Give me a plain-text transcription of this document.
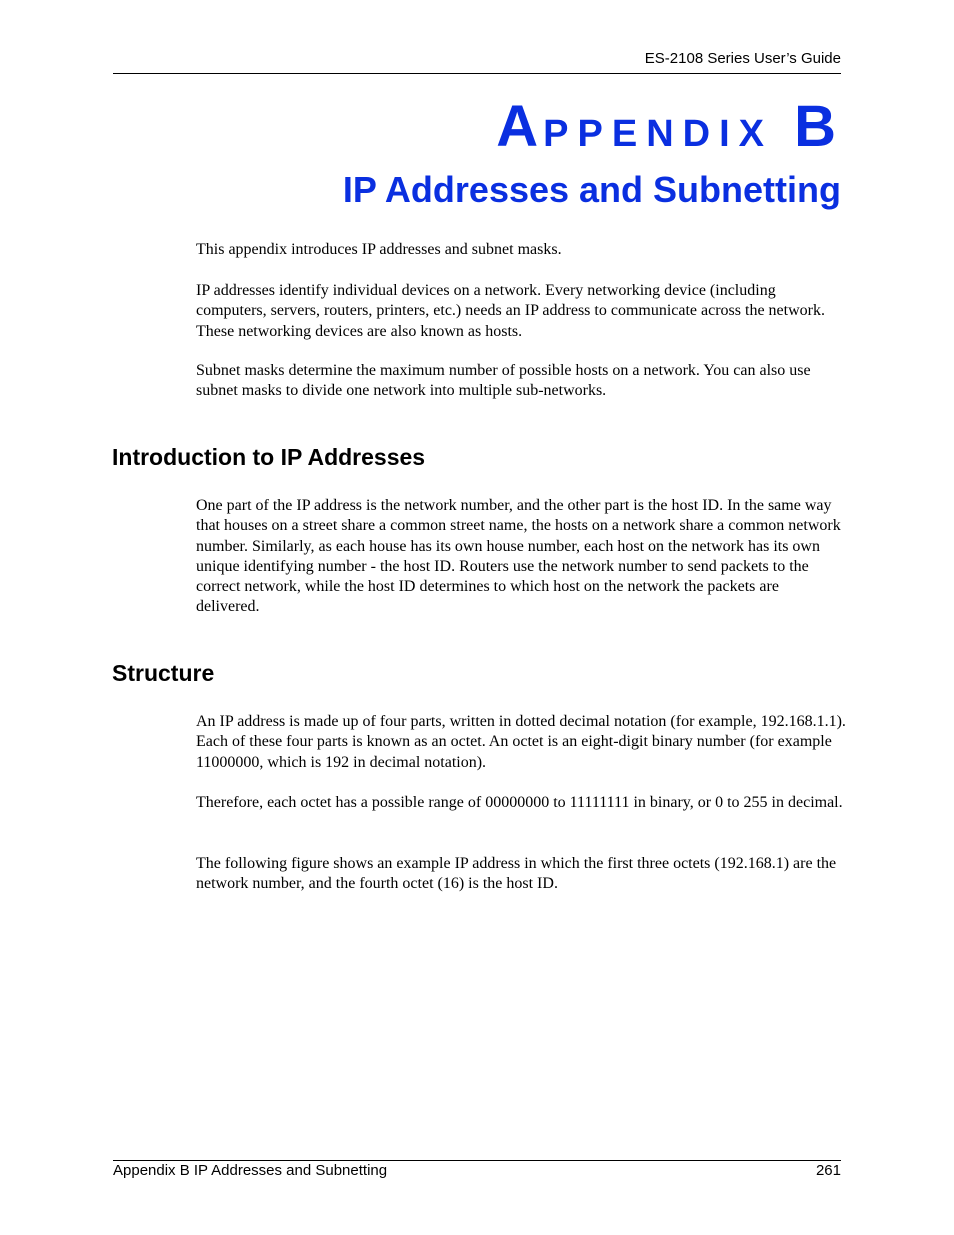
ES-2108 Series User’s Guide
APPENDIX B
IP Addresses and Subnetting

This appendix introduces IP addresses and subnet masks.

IP addresses identify individual devices on a network. Every networking device (including computers, servers, routers, printers, etc.) needs an IP address to communicate across the network. These networking devices are also known as hosts.

Subnet masks determine the maximum number of possible hosts on a network. You can also use subnet masks to divide one network into multiple sub-networks.

Introduction to IP Addresses

One part of the IP address is the network number, and the other part is the host ID. In the same way that houses on a street share a common street name, the hosts on a network share a common network number. Similarly, as each house has its own house number, each host on the network has its own unique identifying number - the host ID. Routers use the network number to send packets to the correct network, while the host ID determines to which host on the network the packets are delivered.

Structure

An IP address is made up of four parts, written in dotted decimal notation (for example, 192.168.1.1). Each of these four parts is known as an octet. An octet is an eight-digit binary number (for example 11000000, which is 192 in decimal notation).

Therefore, each octet has a possible range of 00000000 to 11111111 in binary, or 0 to 255 in decimal.

The following figure shows an example IP address in which the first three octets (192.168.1) are the network number, and the fourth octet (16) is the host ID.

Appendix B IP Addresses and Subnetting	261
